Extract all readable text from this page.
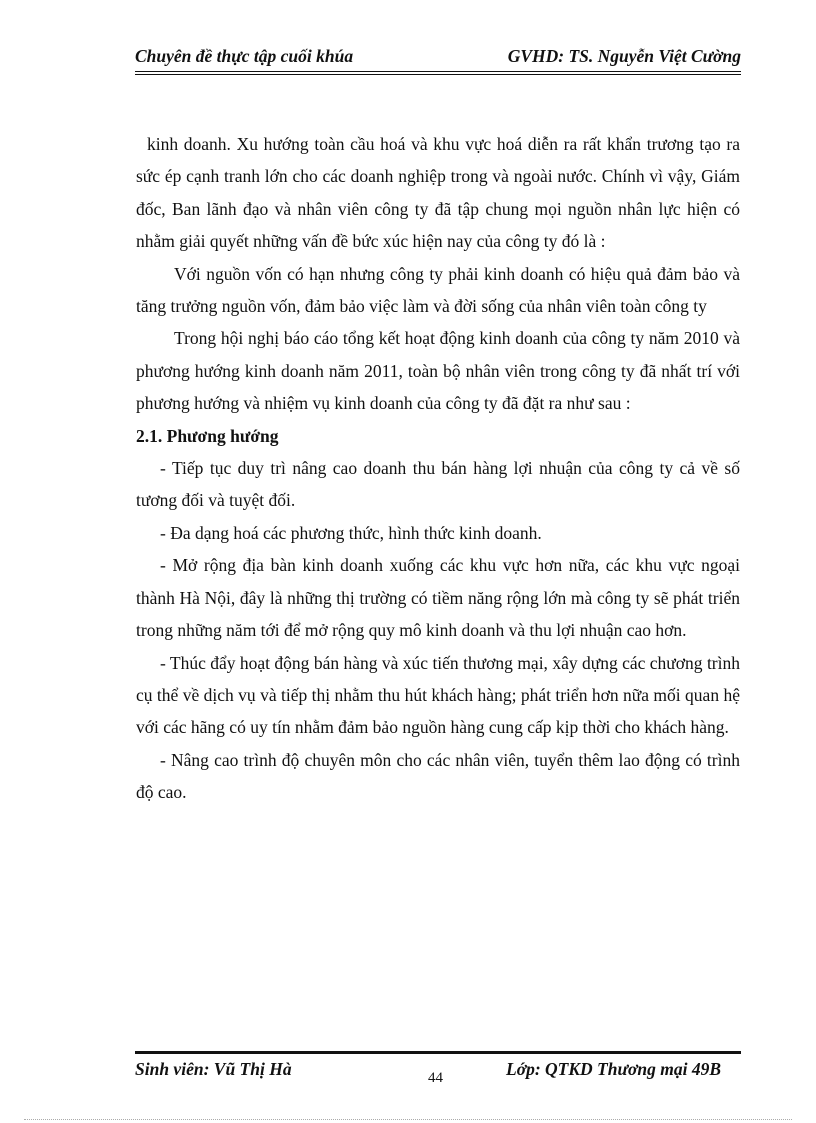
Chuyên đề thực tập cuối khúa	GVHD: TS. Nguyễn Việt Cường

kinh doanh. Xu hướng toàn cầu hoá và khu vực hoá diễn ra rất khẩn trương tạo ra sức ép cạnh tranh lớn cho các doanh nghiệp trong và ngoài nước. Chính vì vậy, Giám đốc, Ban lãnh đạo và nhân viên công ty đã tập chung mọi nguồn nhân lực hiện có nhằm giải quyết những vấn đề bức xúc hiện nay của công ty đó là :

Với nguồn vốn có hạn nhưng công ty phải kinh doanh có hiệu quả đảm bảo và tăng trưởng nguồn vốn, đảm bảo việc làm và đời sống của nhân viên toàn công ty

Trong hội nghị báo cáo tổng kết hoạt động kinh doanh của công ty năm 2010 và phương hướng kinh doanh năm 2011, toàn bộ nhân viên trong công ty đã nhất trí với phương hướng và nhiệm vụ kinh doanh của công ty đã đặt ra như sau :

2.1. Phương hướng

- Tiếp tục duy trì nâng cao doanh thu bán hàng lợi nhuận của công ty cả về số tương đối và tuyệt đối.

- Đa dạng hoá các phương thức, hình thức kinh doanh.

- Mở rộng địa bàn kinh doanh xuống các khu vực hơn nữa, các khu vực ngoại thành Hà Nội, đây là những thị trường có tiềm năng rộng lớn mà công ty sẽ phát triển trong những năm tới để mở rộng quy mô kinh doanh và thu lợi nhuận cao hơn.

- Thúc đẩy hoạt động bán hàng và xúc tiến thương mại, xây dựng các chương trình cụ thể về dịch vụ và tiếp thị nhằm thu hút khách hàng; phát triển hơn nữa mối quan hệ với các hãng có uy tín nhằm đảm bảo nguồn hàng cung cấp kịp thời cho khách hàng.

- Nâng cao trình độ chuyên môn cho các nhân viên, tuyển thêm lao động có trình độ cao.

Sinh viên: Vũ Thị Hà	Lớp: QTKD Thương mại 49B
44
